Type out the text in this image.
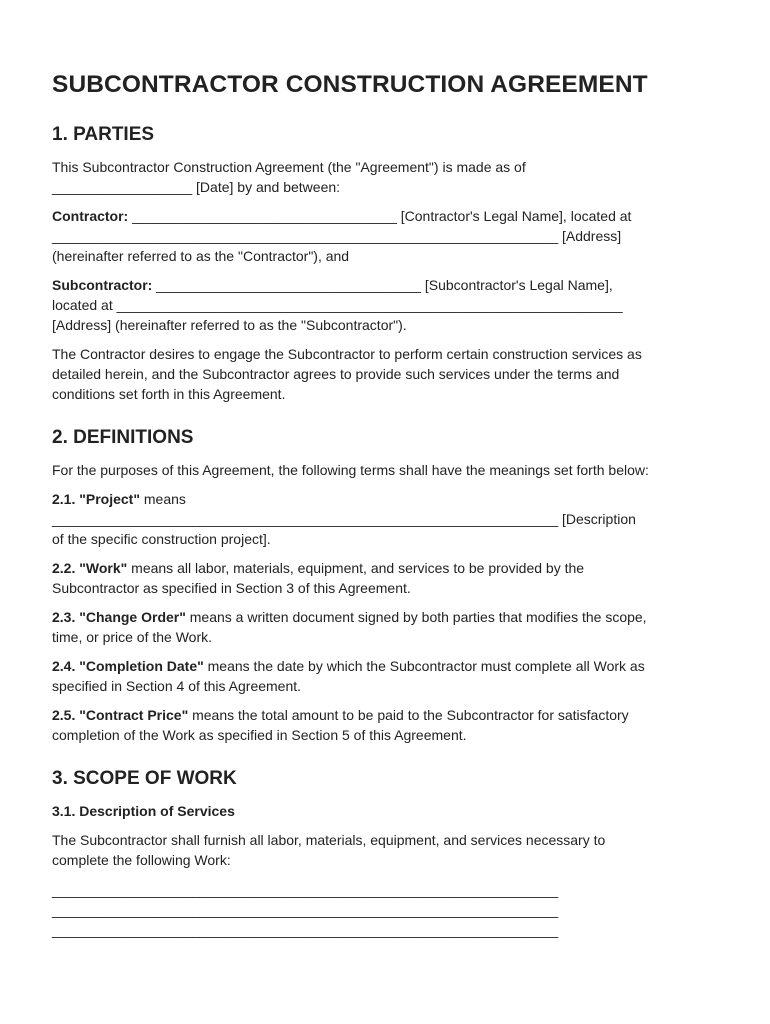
SUBCONTRACTOR CONSTRUCTION AGREEMENT
1. PARTIES

This Subcontractor Construction Agreement (the "Agreement") is made as of
__________________ [Date] by and between:

Contractor: __________________________________ [Contractor's Legal Name], located at
_________________________________________________________________ [Address]
(hereinafter referred to as the "Contractor"), and

Subcontractor: __________________________________ [Subcontractor's Legal Name],
located at _________________________________________________________________
[Address] (hereinafter referred to as the "Subcontractor").

The Contractor desires to engage the Subcontractor to perform certain construction services as
detailed herein, and the Subcontractor agrees to provide such services under the terms and
conditions set forth in this Agreement.

2. DEFINITIONS

For the purposes of this Agreement, the following terms shall have the meanings set forth below:

2.1. "Project" means
_________________________________________________________________ [Description
of the specific construction project].

2.2. "Work" means all labor, materials, equipment, and services to be provided by the
Subcontractor as specified in Section 3 of this Agreement.

2.3. "Change Order" means a written document signed by both parties that modifies the scope,
time, or price of the Work.

2.4. "Completion Date" means the date by which the Subcontractor must complete all Work as
specified in Section 4 of this Agreement.

2.5. "Contract Price" means the total amount to be paid to the Subcontractor for satisfactory
completion of the Work as specified in Section 5 of this Agreement.

3. SCOPE OF WORK
3.1. Description of Services

The Subcontractor shall furnish all labor, materials, equipment, and services necessary to
complete the following Work:

_________________________________________________________________
_________________________________________________________________
_________________________________________________________________
